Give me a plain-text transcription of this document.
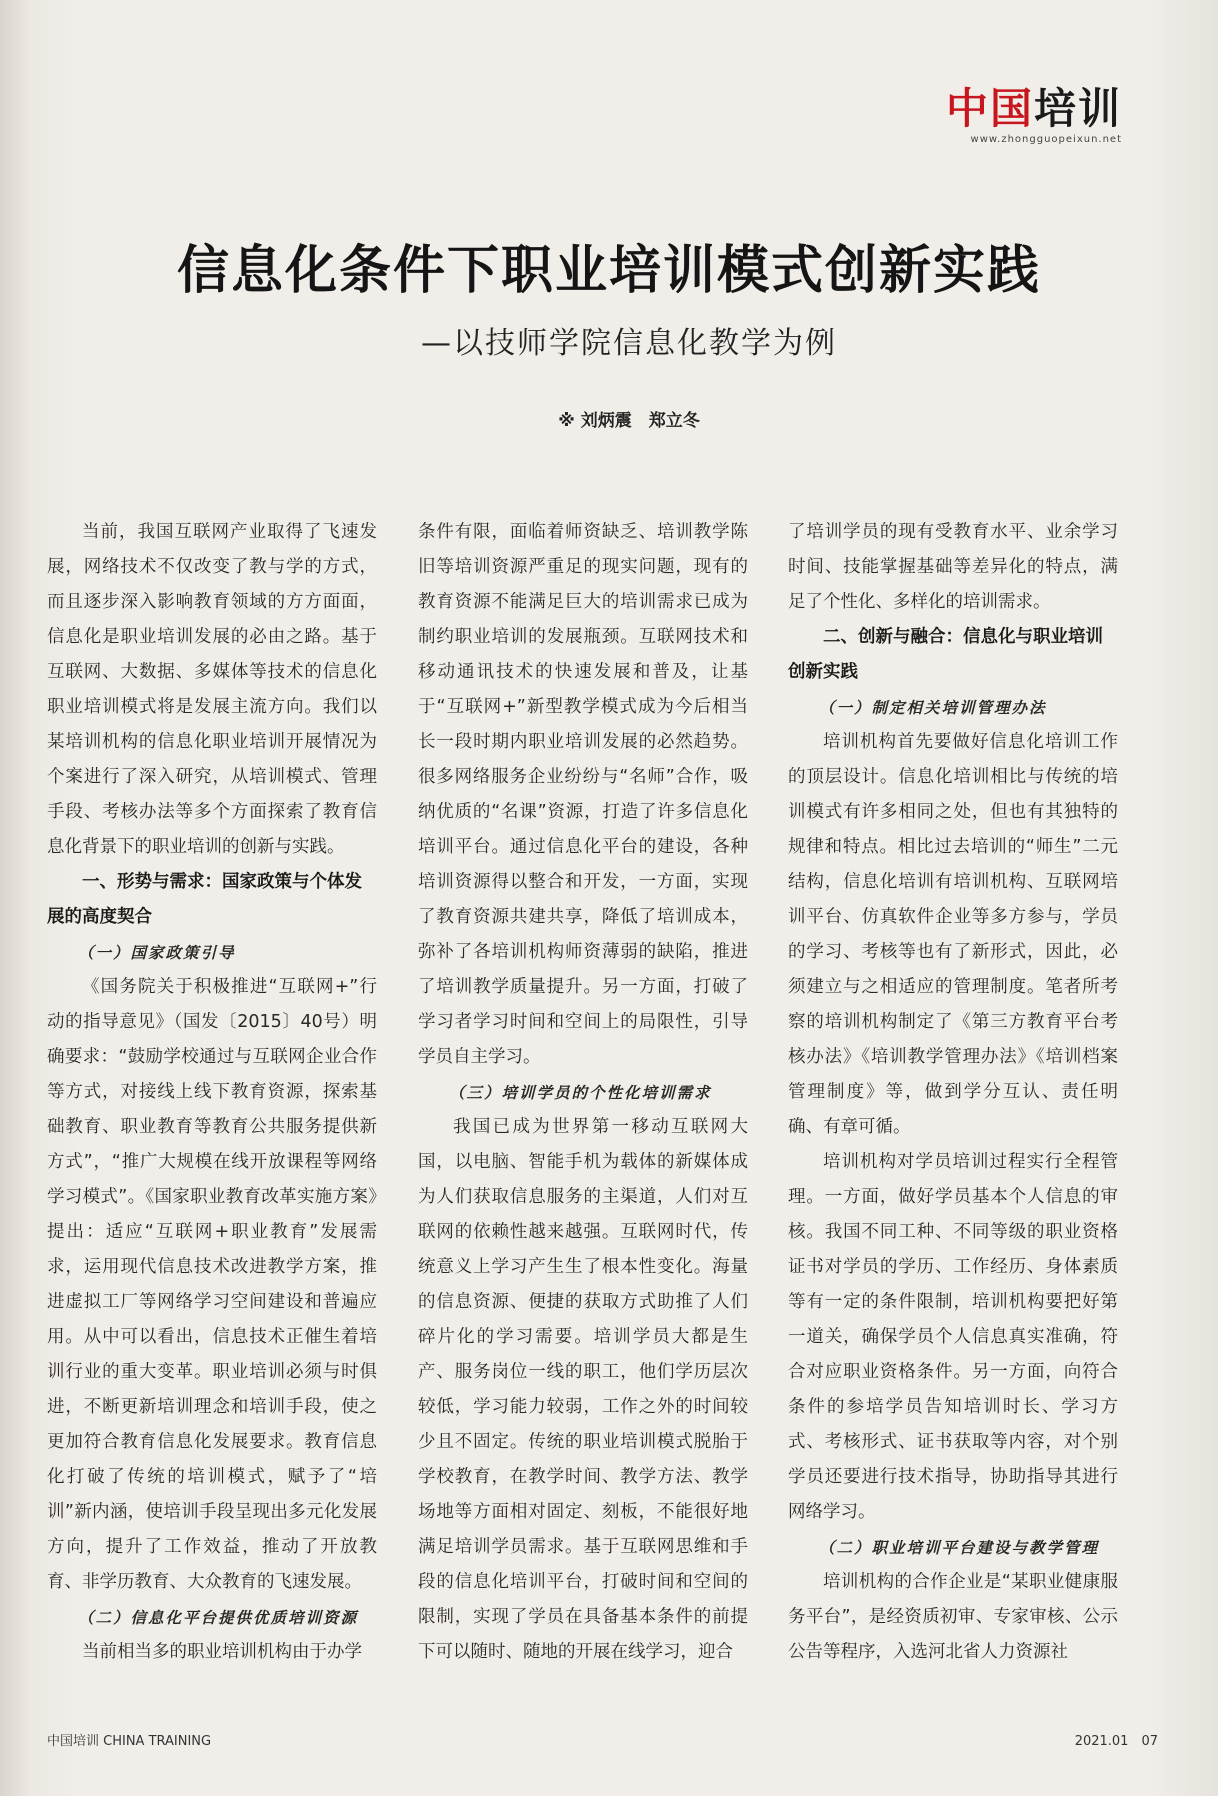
中国培训
www.zhongguopeixun.net
信息化条件下职业培训模式创新实践
—以技师学院信息化教学为例
※ 刘炳震　郑立冬

当前，我国互联网产业取得了飞速发展，网络技术不仅改变了教与学的方式，而且逐步深入影响教育领域的方方面面，信息化是职业培训发展的必由之路。基于互联网、大数据、多媒体等技术的信息化职业培训模式将是发展主流方向。我们以某培训机构的信息化职业培训开展情况为个案进行了深入研究，从培训模式、管理手段、考核办法等多个方面探索了教育信息化背景下的职业培训的创新与实践。

一、形势与需求：国家政策与个体发展的高度契合
（一）国家政策引导

《国务院关于积极推进“互联网+”行动的指导意见》（国发〔2015〕40号）明确要求：“鼓励学校通过与互联网企业合作等方式，对接线上线下教育资源，探索基础教育、职业教育等教育公共服务提供新方式”，“推广大规模在线开放课程等网络学习模式”。《国家职业教育改革实施方案》提出：适应“互联网+职业教育”发展需求，运用现代信息技术改进教学方案，推进虚拟工厂等网络学习空间建设和普遍应用。从中可以看出，信息技术正催生着培训行业的重大变革。职业培训必须与时俱进，不断更新培训理念和培训手段，使之更加符合教育信息化发展要求。教育信息化打破了传统的培训模式，赋予了“培训”新内涵，使培训手段呈现出多元化发展方向，提升了工作效益，推动了开放教育、非学历教育、大众教育的飞速发展。

（二）信息化平台提供优质培训资源

当前相当多的职业培训机构由于办学

条件有限，面临着师资缺乏、培训教学陈旧等培训资源严重足的现实问题，现有的教育资源不能满足巨大的培训需求已成为制约职业培训的发展瓶颈。互联网技术和移动通讯技术的快速发展和普及，让基于“互联网+”新型教学模式成为今后相当长一段时期内职业培训发展的必然趋势。很多网络服务企业纷纷与“名师”合作，吸纳优质的“名课”资源，打造了许多信息化培训平台。通过信息化平台的建设，各种培训资源得以整合和开发，一方面，实现了教育资源共建共享，降低了培训成本，弥补了各培训机构师资薄弱的缺陷，推进了培训教学质量提升。另一方面，打破了学习者学习时间和空间上的局限性，引导学员自主学习。

（三）培训学员的个性化培训需求

我国已成为世界第一移动互联网大国，以电脑、智能手机为载体的新媒体成为人们获取信息服务的主渠道，人们对互联网的依赖性越来越强。互联网时代，传统意义上学习产生生了根本性变化。海量的信息资源、便捷的获取方式助推了人们碎片化的学习需要。培训学员大都是生产、服务岗位一线的职工，他们学历层次较低，学习能力较弱，工作之外的时间较少且不固定。传统的职业培训模式脱胎于学校教育，在教学时间、教学方法、教学场地等方面相对固定、刻板，不能很好地满足培训学员需求。基于互联网思维和手段的信息化培训平台，打破时间和空间的限制，实现了学员在具备基本条件的前提下可以随时、随地的开展在线学习，迎合

了培训学员的现有受教育水平、业余学习时间、技能掌握基础等差异化的特点，满足了个性化、多样化的培训需求。

二、创新与融合：信息化与职业培训创新实践
（一）制定相关培训管理办法

培训机构首先要做好信息化培训工作的顶层设计。信息化培训相比与传统的培训模式有许多相同之处，但也有其独特的规律和特点。相比过去培训的“师生”二元结构，信息化培训有培训机构、互联网培训平台、仿真软件企业等多方参与，学员的学习、考核等也有了新形式，因此，必须建立与之相适应的管理制度。笔者所考察的培训机构制定了《第三方教育平台考核办法》《培训教学管理办法》《培训档案管理制度》等，做到学分互认、责任明确、有章可循。

培训机构对学员培训过程实行全程管理。一方面，做好学员基本个人信息的审核。我国不同工种、不同等级的职业资格证书对学员的学历、工作经历、身体素质等有一定的条件限制，培训机构要把好第一道关，确保学员个人信息真实准确，符合对应职业资格条件。另一方面，向符合条件的参培学员告知培训时长、学习方式、考核形式、证书获取等内容，对个别学员还要进行技术指导，协助指导其进行网络学习。

（二）职业培训平台建设与教学管理

培训机构的合作企业是“某职业健康服务平台”，是经资质初审、专家审核、公示公告等程序，入选河北省人力资源社

中国培训 CHINA TRAINING	2021.01　07
